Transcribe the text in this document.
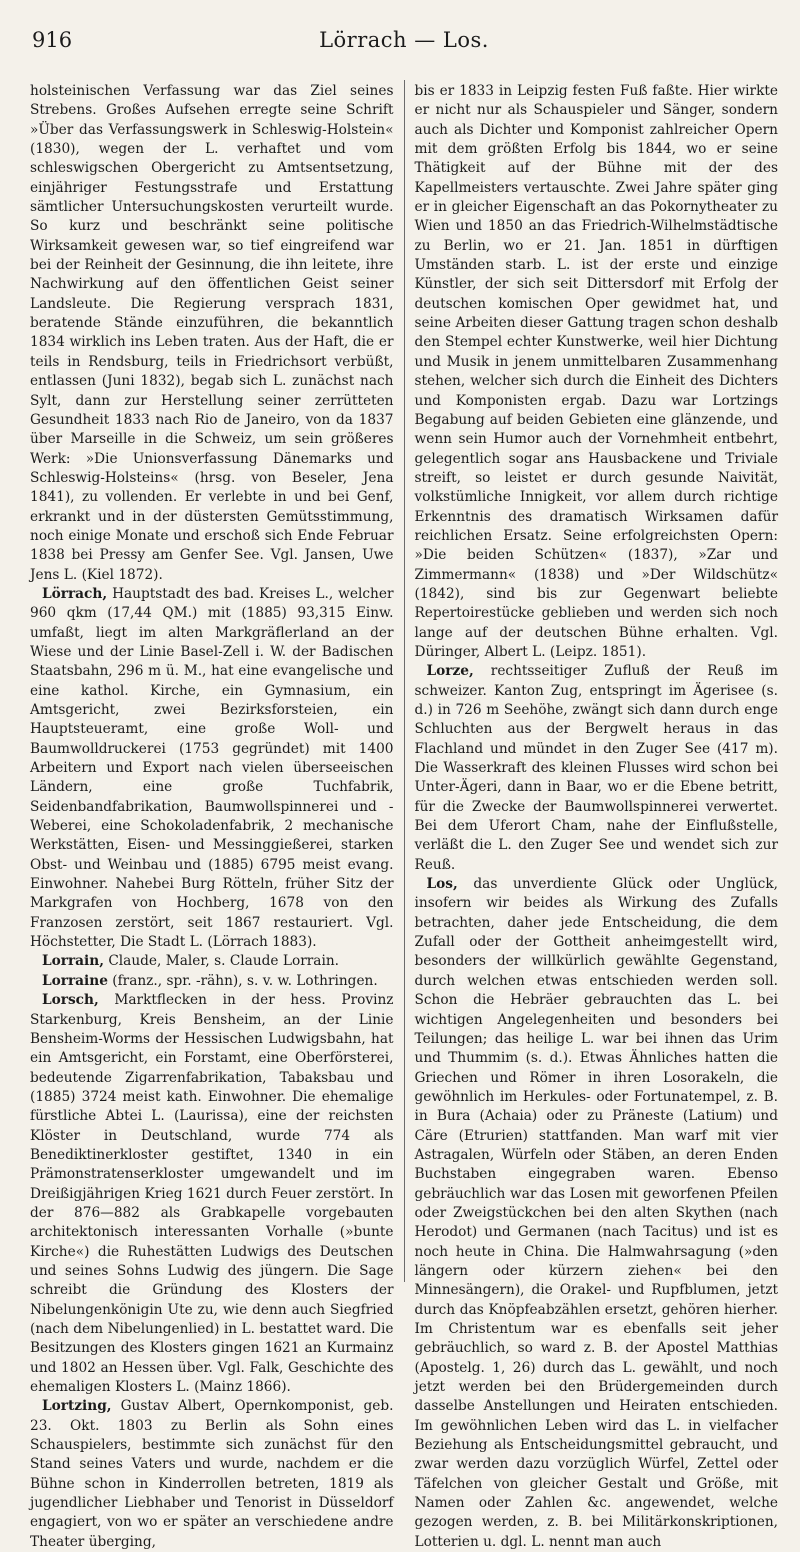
916	Lörrach — Los.

holsteinischen Verfassung war das Ziel seines Strebens. Großes Aufsehen erregte seine Schrift »Über das Verfassungswerk in Schleswig-Holstein« (1830), wegen der L. verhaftet und vom schleswigschen Obergericht zu Amtsentsetzung, einjähriger Festungsstrafe und Erstattung sämtlicher Untersuchungskosten verurteilt wurde. So kurz und beschränkt seine politische Wirksamkeit gewesen war, so tief eingreifend war bei der Reinheit der Gesinnung, die ihn leitete, ihre Nachwirkung auf den öffentlichen Geist seiner Landsleute. Die Regierung versprach 1831, beratende Stände einzuführen, die bekanntlich 1834 wirklich ins Leben traten. Aus der Haft, die er teils in Rendsburg, teils in Friedrichsort verbüßt, entlassen (Juni 1832), begab sich L. zunächst nach Sylt, dann zur Herstellung seiner zerrütteten Gesundheit 1833 nach Rio de Janeiro, von da 1837 über Marseille in die Schweiz, um sein größeres Werk: »Die Unionsverfassung Dänemarks und Schleswig-Holsteins« (hrsg. von Beseler, Jena 1841), zu vollenden. Er verlebte in und bei Genf, erkrankt und in der düstersten Gemütsstimmung, noch einige Monate und erschoß sich Ende Februar 1838 bei Pressy am Genfer See. Vgl. Jansen, Uwe Jens L. (Kiel 1872).

Lörrach, Hauptstadt des bad. Kreises L., welcher 960 qkm (17,44 QM.) mit (1885) 93,315 Einw. umfaßt, liegt im alten Markgräflerland an der Wiese und der Linie Basel-Zell i. W. der Badischen Staatsbahn, 296 m ü. M., hat eine evangelische und eine kathol. Kirche, ein Gymnasium, ein Amtsgericht, zwei Bezirksforsteien, ein Hauptsteueramt, eine große Woll- und Baumwolldruckerei (1753 gegründet) mit 1400 Arbeitern und Export nach vielen überseeischen Ländern, eine große Tuchfabrik, Seidenbandfabrikation, Baumwollspinnerei und -Weberei, eine Schokoladenfabrik, 2 mechanische Werkstätten, Eisen- und Messinggießerei, starken Obst- und Weinbau und (1885) 6795 meist evang. Einwohner. Nahebei Burg Rötteln, früher Sitz der Markgrafen von Hochberg, 1678 von den Franzosen zerstört, seit 1867 restauriert. Vgl. Höchstetter, Die Stadt L. (Lörrach 1883).

Lorrain, Claude, Maler, s. Claude Lorrain.

Lorraine (franz., spr. -rähn), s. v. w. Lothringen.

Lorsch, Marktflecken in der hess. Provinz Starkenburg, Kreis Bensheim, an der Linie Bensheim-Worms der Hessischen Ludwigsbahn, hat ein Amtsgericht, ein Forstamt, eine Oberförsterei, bedeutende Zigarrenfabrikation, Tabaksbau und (1885) 3724 meist kath. Einwohner. Die ehemalige fürstliche Abtei L. (Laurissa), eine der reichsten Klöster in Deutschland, wurde 774 als Benediktinerkloster gestiftet, 1340 in ein Prämonstratenserkloster umgewandelt und im Dreißigjährigen Krieg 1621 durch Feuer zerstört. In der 876—882 als Grabkapelle vorgebauten architektonisch interessanten Vorhalle (»bunte Kirche«) die Ruhestätten Ludwigs des Deutschen und seines Sohns Ludwig des jüngern. Die Sage schreibt die Gründung des Klosters der Nibelungenkönigin Ute zu, wie denn auch Siegfried (nach dem Nibelungenlied) in L. bestattet ward. Die Besitzungen des Klosters gingen 1621 an Kurmainz und 1802 an Hessen über. Vgl. Falk, Geschichte des ehemaligen Klosters L. (Mainz 1866).

Lortzing, Gustav Albert, Opernkomponist, geb. 23. Okt. 1803 zu Berlin als Sohn eines Schauspielers, bestimmte sich zunächst für den Stand seines Vaters und wurde, nachdem er die Bühne schon in Kinderrollen betreten, 1819 als jugendlicher Liebhaber und Tenorist in Düsseldorf engagiert, von wo er später an verschiedene andre Theater überging,

bis er 1833 in Leipzig festen Fuß faßte. Hier wirkte er nicht nur als Schauspieler und Sänger, sondern auch als Dichter und Komponist zahlreicher Opern mit dem größten Erfolg bis 1844, wo er seine Thätigkeit auf der Bühne mit der des Kapellmeisters vertauschte. Zwei Jahre später ging er in gleicher Eigenschaft an das Pokornytheater zu Wien und 1850 an das Friedrich-Wilhelmstädtische zu Berlin, wo er 21. Jan. 1851 in dürftigen Umständen starb. L. ist der erste und einzige Künstler, der sich seit Dittersdorf mit Erfolg der deutschen komischen Oper gewidmet hat, und seine Arbeiten dieser Gattung tragen schon deshalb den Stempel echter Kunstwerke, weil hier Dichtung und Musik in jenem unmittelbaren Zusammenhang stehen, welcher sich durch die Einheit des Dichters und Komponisten ergab. Dazu war Lortzings Begabung auf beiden Gebieten eine glänzende, und wenn sein Humor auch der Vornehmheit entbehrt, gelegentlich sogar ans Hausbackene und Triviale streift, so leistet er durch gesunde Naivität, volkstümliche Innigkeit, vor allem durch richtige Erkenntnis des dramatisch Wirksamen dafür reichlichen Ersatz. Seine erfolgreichsten Opern: »Die beiden Schützen« (1837), »Zar und Zimmermann« (1838) und »Der Wildschütz« (1842), sind bis zur Gegenwart beliebte Repertoirestücke geblieben und werden sich noch lange auf der deutschen Bühne erhalten. Vgl. Düringer, Albert L. (Leipz. 1851).

Lorze, rechtsseitiger Zufluß der Reuß im schweizer. Kanton Zug, entspringt im Ägerisee (s. d.) in 726 m Seehöhe, zwängt sich dann durch enge Schluchten aus der Bergwelt heraus in das Flachland und mündet in den Zuger See (417 m). Die Wasserkraft des kleinen Flusses wird schon bei Unter-Ägeri, dann in Baar, wo er die Ebene betritt, für die Zwecke der Baumwollspinnerei verwertet. Bei dem Uferort Cham, nahe der Einflußstelle, verläßt die L. den Zuger See und wendet sich zur Reuß.

Los, das unverdiente Glück oder Unglück, insofern wir beides als Wirkung des Zufalls betrachten, daher jede Entscheidung, die dem Zufall oder der Gottheit anheimgestellt wird, besonders der willkürlich gewählte Gegenstand, durch welchen etwas entschieden werden soll. Schon die Hebräer gebrauchten das L. bei wichtigen Angelegenheiten und besonders bei Teilungen; das heilige L. war bei ihnen das Urim und Thummim (s. d.). Etwas Ähnliches hatten die Griechen und Römer in ihren Losorakeln, die gewöhnlich im Herkules- oder Fortunatempel, z. B. in Bura (Achaia) oder zu Präneste (Latium) und Cäre (Etrurien) stattfanden. Man warf mit vier Astragalen, Würfeln oder Stäben, an deren Enden Buchstaben eingegraben waren. Ebenso gebräuchlich war das Losen mit geworfenen Pfeilen oder Zweigstückchen bei den alten Skythen (nach Herodot) und Germanen (nach Tacitus) und ist es noch heute in China. Die Halmwahrsagung (»den längern oder kürzern ziehen« bei den Minnesängern), die Orakel- und Rupfblumen, jetzt durch das Knöpfeabzählen ersetzt, gehören hierher. Im Christentum war es ebenfalls seit jeher gebräuchlich, so ward z. B. der Apostel Matthias (Apostelg. 1, 26) durch das L. gewählt, und noch jetzt werden bei den Brüdergemeinden durch dasselbe Anstellungen und Heiraten entschieden. Im gewöhnlichen Leben wird das L. in vielfacher Beziehung als Entscheidungsmittel gebraucht, und zwar werden dazu vorzüglich Würfel, Zettel oder Täfelchen von gleicher Gestalt und Größe, mit Namen oder Zahlen &c. angewendet, welche gezogen werden, z. B. bei Militärkonskriptionen, Lotterien u. dgl. L. nennt man auch
